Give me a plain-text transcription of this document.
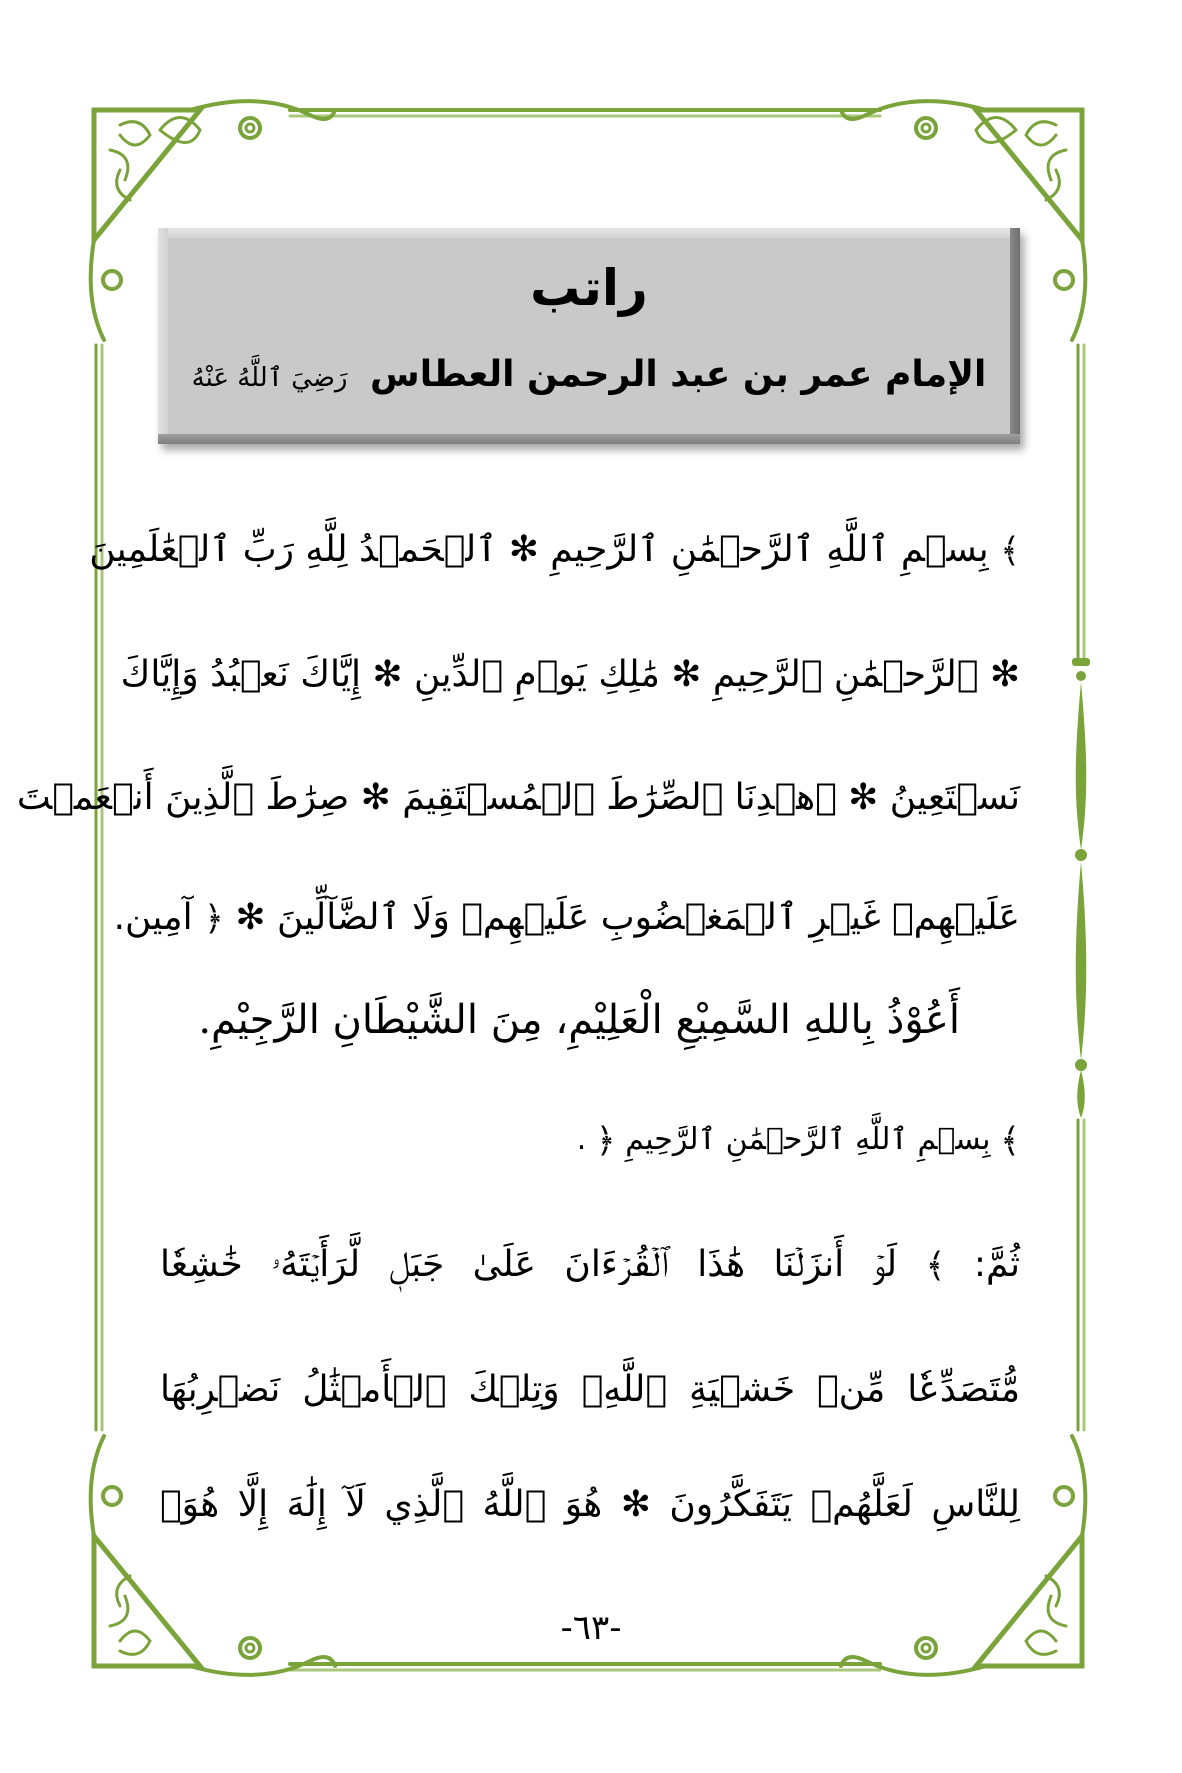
راتب
الإمام عمر بن عبد الرحمن العطاس رَضِيَ ٱللَّهُ عَنْهُ
﴾ بِسۡمِ ٱللَّهِ ٱلرَّحۡمَٰنِ ٱلرَّحِيمِ ✻ ٱلۡحَمۡدُ لِلَّهِ رَبِّ ٱلۡعَٰلَمِينَ
✻ ٱلرَّحۡمَٰنِ ٱلرَّحِيمِ ✻ مَٰلِكِ يَوۡمِ ٱلدِّينِ ✻ إِيَّاكَ نَعۡبُدُ وَإِيَّاكَ
نَسۡتَعِينُ ✻ ٱهۡدِنَا ٱلصِّرَٰطَ ٱلۡمُسۡتَقِيمَ ✻ صِرَٰطَ ٱلَّذِينَ أَنۡعَمۡتَ
عَلَيۡهِمۡ غَيۡرِ ٱلۡمَغۡضُوبِ عَلَيۡهِمۡ وَلَا ٱلضَّآلِّينَ ✻ ﴿ آمِين.
أَعُوْذُ بِاللهِ السَّمِيْعِ الْعَلِيْمِ، مِنَ الشَّيْطَانِ الرَّجِيْمِ.
﴾ بِسۡمِ ٱللَّهِ ٱلرَّحۡمَٰنِ ٱلرَّحِيمِ ﴿ .
ثُمَّ: ﴾ لَوۡ أَنزَلۡنَا هَٰذَا ٱلۡقُرۡءَانَ عَلَىٰ جَبَلٖ لَّرَأَيۡتَهُۥ خَٰشِعٗا
مُّتَصَدِّعٗا مِّنۡ خَشۡيَةِ ٱللَّهِۚ وَتِلۡكَ ٱلۡأَمۡثَٰلُ نَضۡرِبُهَا
لِلنَّاسِ لَعَلَّهُمۡ يَتَفَكَّرُونَ ✻ هُوَ ٱللَّهُ ٱلَّذِي لَآ إِلَٰهَ إِلَّا هُوَۖ
-٦٣-
